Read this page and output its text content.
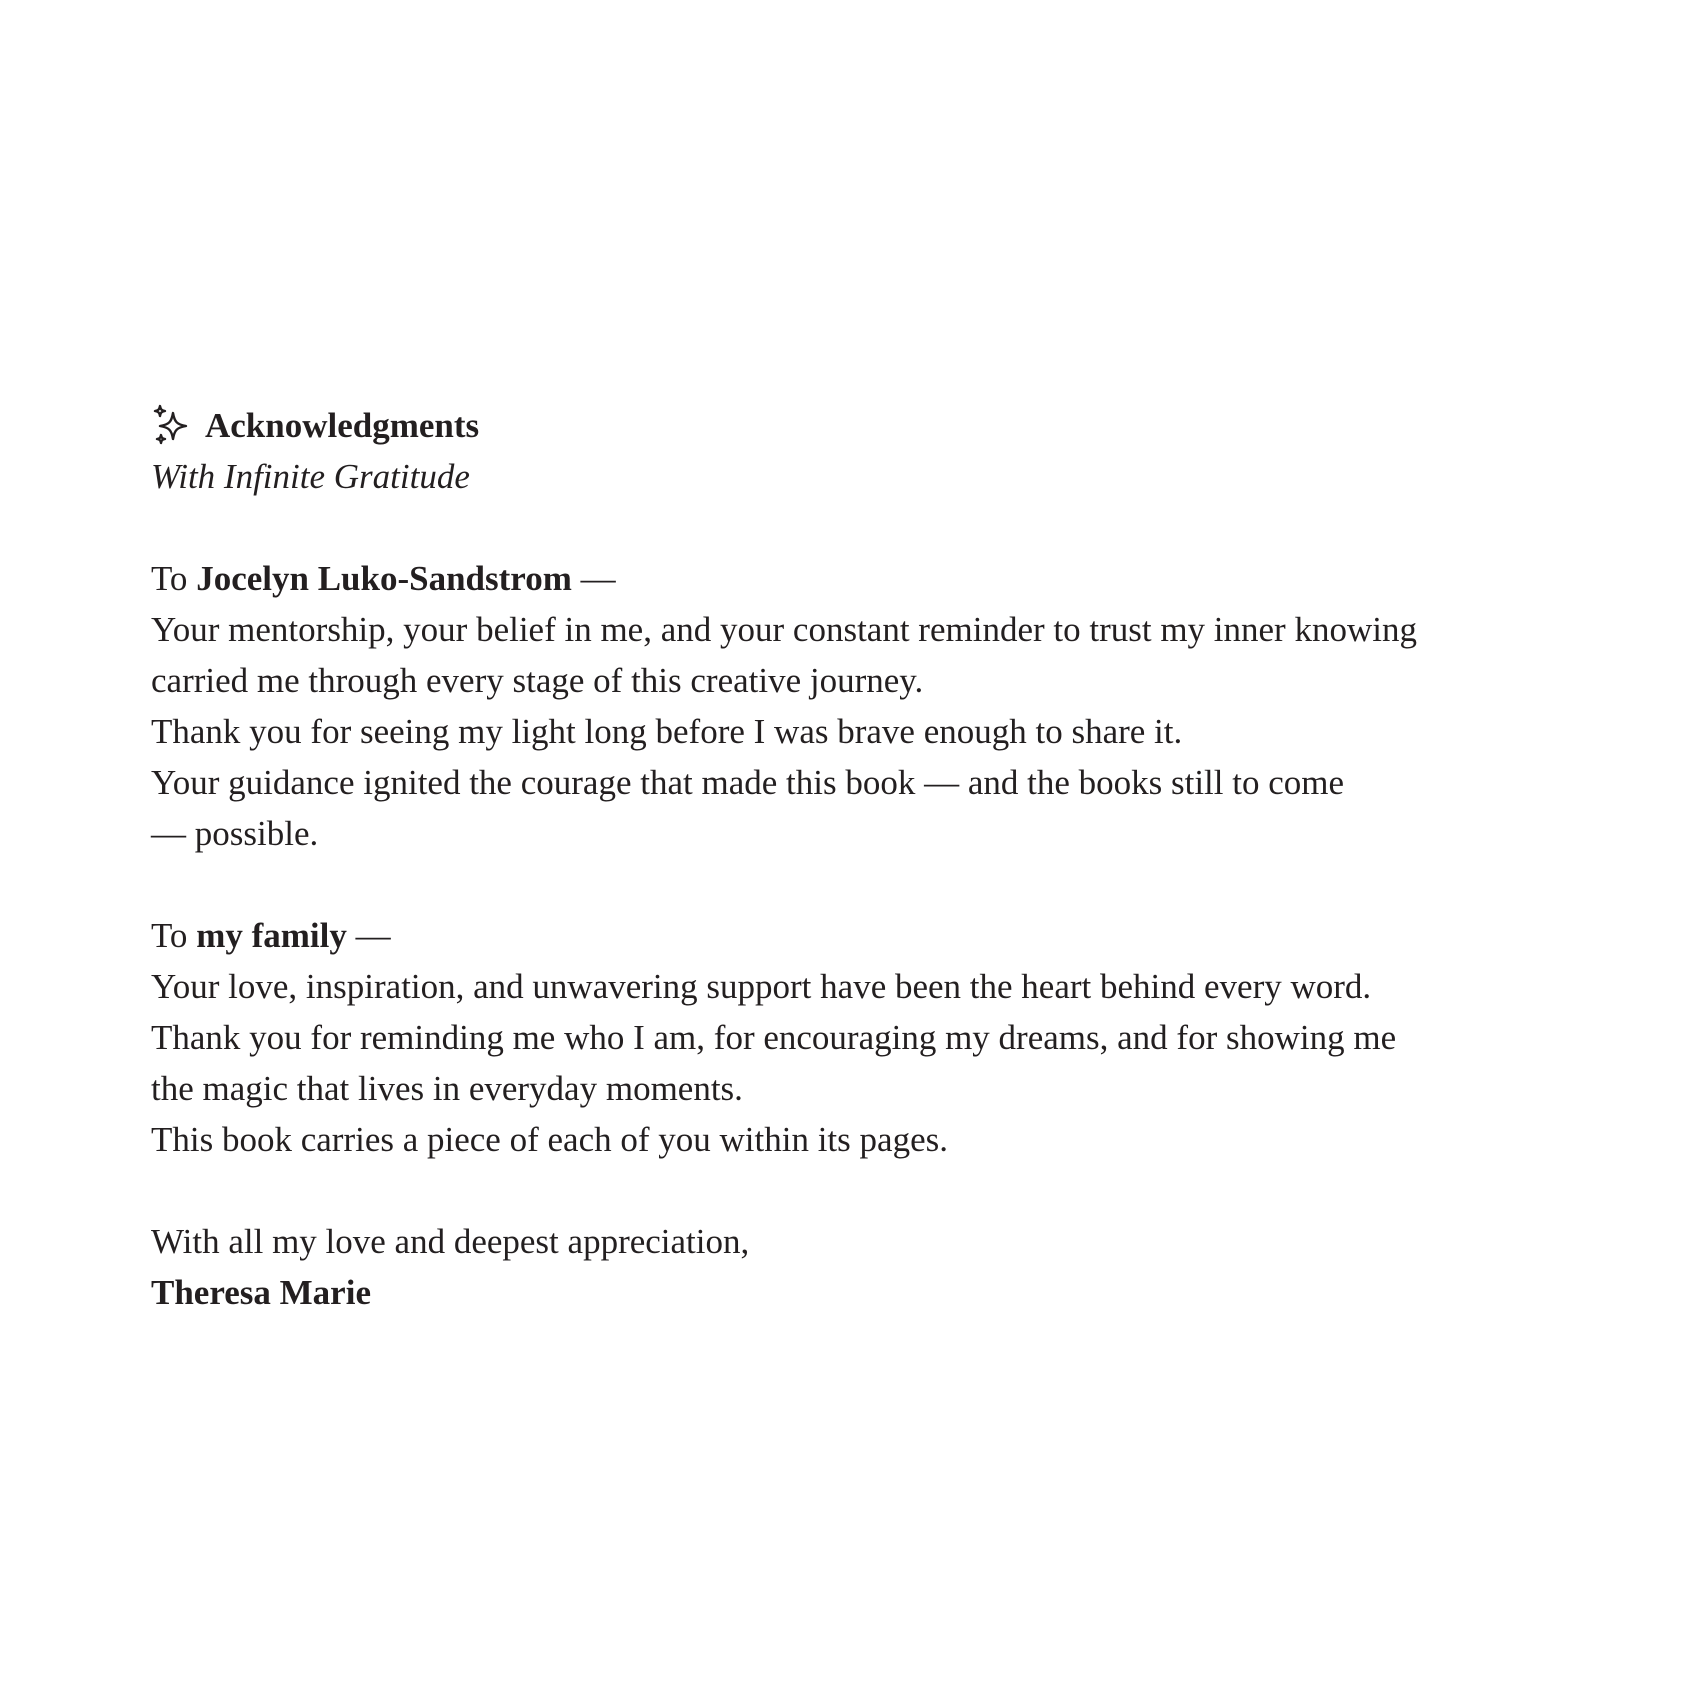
Acknowledgments
With Infinite Gratitude
To Jocelyn Luko-Sandstrom —
Your mentorship, your belief in me, and your constant reminder to trust my inner knowing
carried me through every stage of this creative journey.
Thank you for seeing my light long before I was brave enough to share it.
Your guidance ignited the courage that made this book — and the books still to come
— possible.
To my family —
Your love, inspiration, and unwavering support have been the heart behind every word.
Thank you for reminding me who I am, for encouraging my dreams, and for showing me
the magic that lives in everyday moments.
This book carries a piece of each of you within its pages.
With all my love and deepest appreciation,
Theresa Marie
